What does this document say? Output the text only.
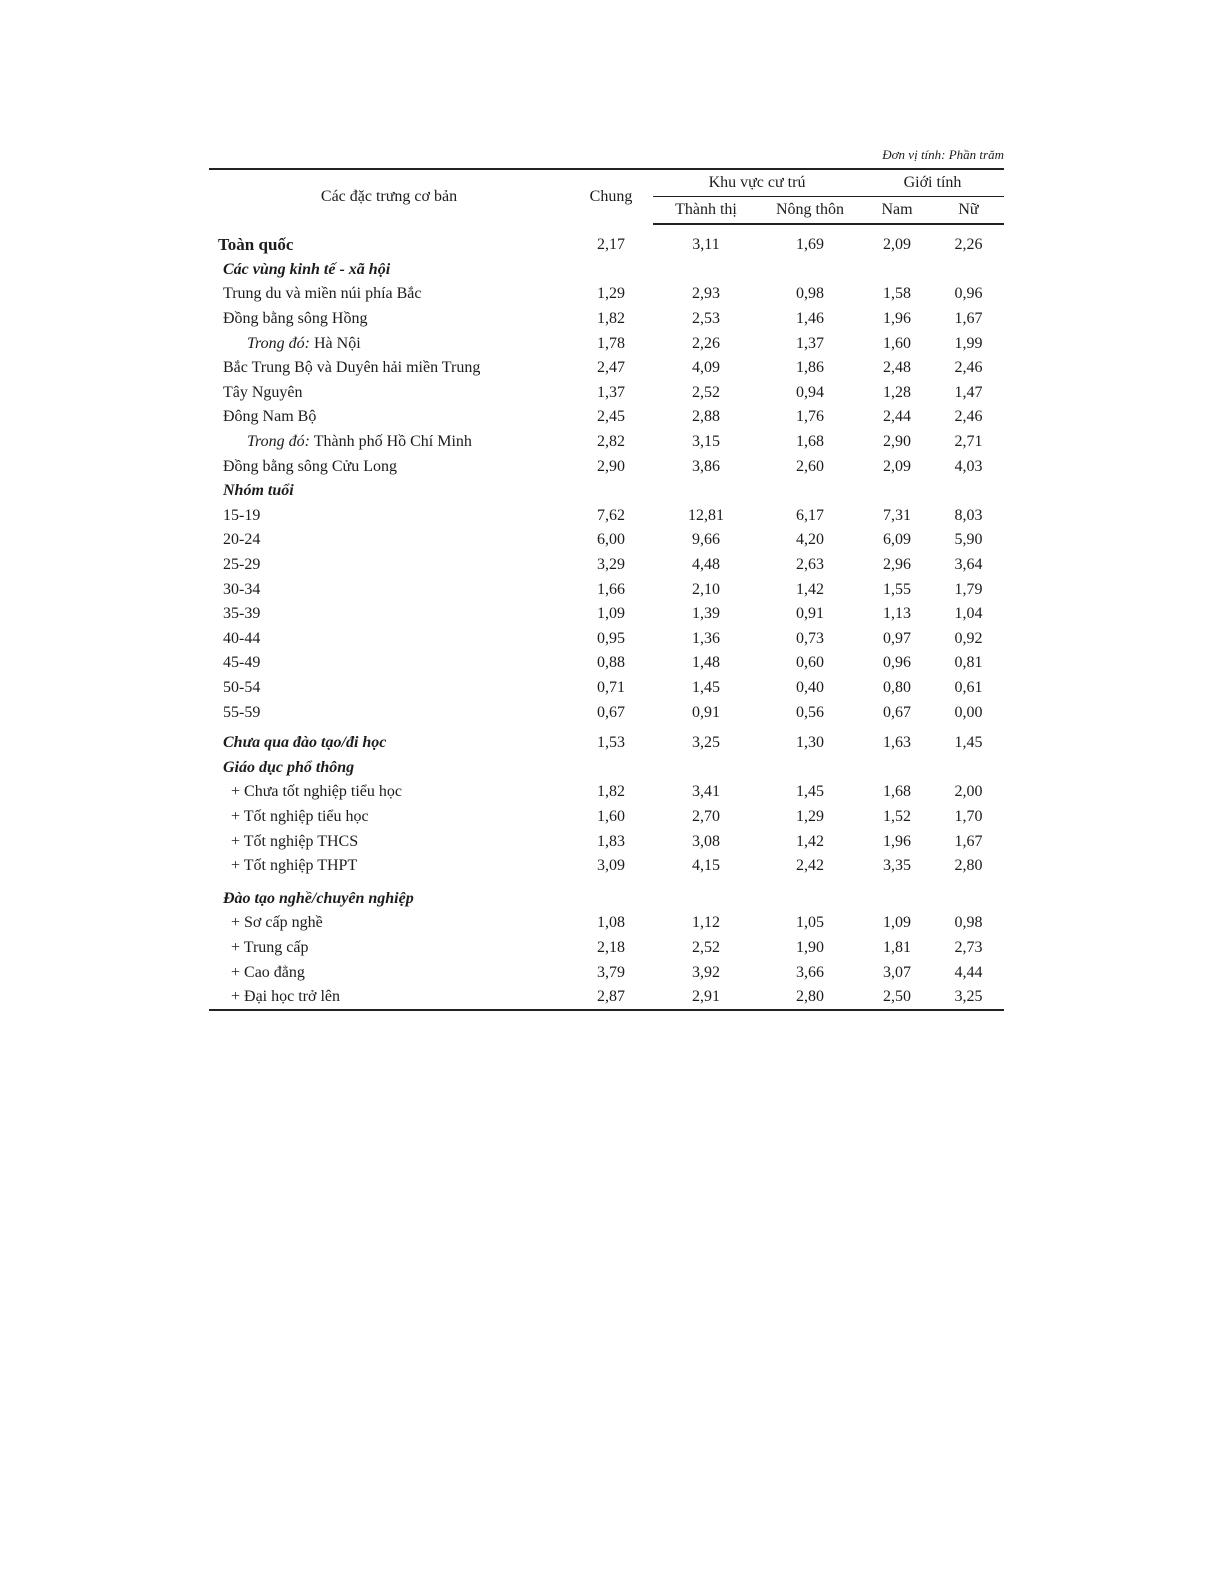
Đơn vị tính: Phần trăm
Các đặc trưng cơ bản	Chung	Khu vực cư trú		Giới tính	
		Thành thị	Nông thôn	Nam	Nữ
Toàn quốc	2,17	3,11	1,69	2,09	2,26
Các vùng kinh tế - xã hội					
Trung du và miền núi phía Bắc	1,29	2,93	0,98	1,58	0,96
Đồng bằng sông Hồng	1,82	2,53	1,46	1,96	1,67
Trong đó: Hà Nội	1,78	2,26	1,37	1,60	1,99
Bắc Trung Bộ và Duyên hải miền Trung	2,47	4,09	1,86	2,48	2,46
Tây Nguyên	1,37	2,52	0,94	1,28	1,47
Đông Nam Bộ	2,45	2,88	1,76	2,44	2,46
Trong đó: Thành phố Hồ Chí Minh	2,82	3,15	1,68	2,90	2,71
Đồng bằng sông Cửu Long	2,90	3,86	2,60	2,09	4,03
Nhóm tuổi					
15-19	7,62	12,81	6,17	7,31	8,03
20-24	6,00	9,66	4,20	6,09	5,90
25-29	3,29	4,48	2,63	2,96	3,64
30-34	1,66	2,10	1,42	1,55	1,79
35-39	1,09	1,39	0,91	1,13	1,04
40-44	0,95	1,36	0,73	0,97	0,92
45-49	0,88	1,48	0,60	0,96	0,81
50-54	0,71	1,45	0,40	0,80	0,61
55-59	0,67	0,91	0,56	0,67	0,00
Chưa qua đào tạo/đi học	1,53	3,25	1,30	1,63	1,45
Giáo dục phổ thông					
+ Chưa tốt nghiệp tiểu học	1,82	3,41	1,45	1,68	2,00
+ Tốt nghiệp tiểu học	1,60	2,70	1,29	1,52	1,70
+ Tốt nghiệp THCS	1,83	3,08	1,42	1,96	1,67
+ Tốt nghiệp THPT	3,09	4,15	2,42	3,35	2,80
Đào tạo nghề/chuyên nghiệp					
+ Sơ cấp nghề	1,08	1,12	1,05	1,09	0,98
+ Trung cấp	2,18	2,52	1,90	1,81	2,73
+ Cao đẳng	3,79	3,92	3,66	3,07	4,44
+ Đại học trở lên	2,87	2,91	2,80	2,50	3,25
